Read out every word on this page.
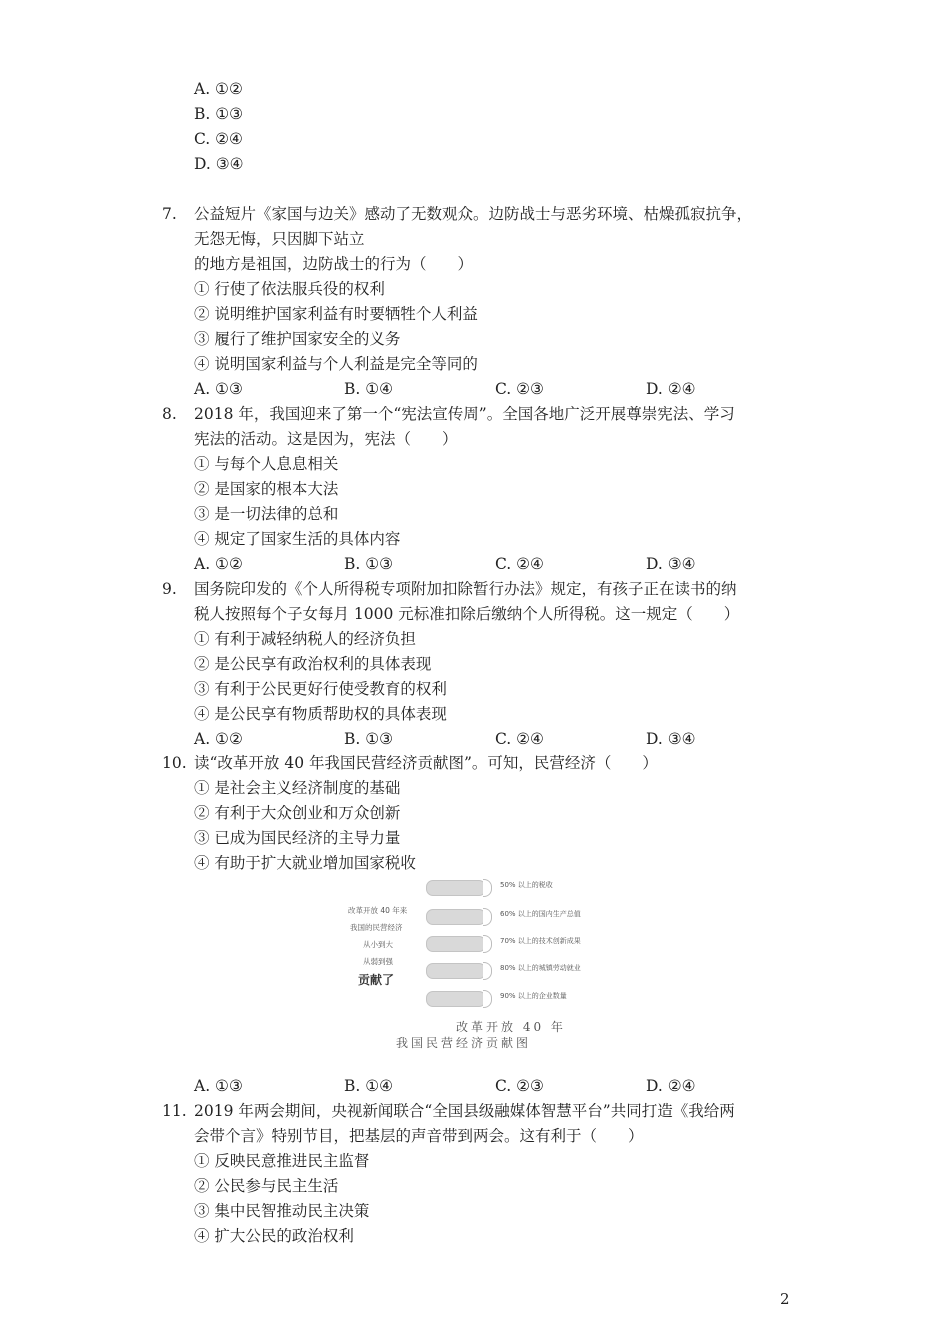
A. ①②
B. ①③
C. ②④
D. ③④
7. 公益短片《家国与边关》感动了无数观众。边防战士与恶劣环境、枯燥孤寂抗争，
无怨无悔，只因脚下站立
的地方是祖国，边防战士的行为（　　）
① 行使了依法服兵役的权利
② 说明维护国家利益有时要牺牲个人利益
③ 履行了维护国家安全的义务
④ 说明国家利益与个人利益是完全等同的
A. ①③	B. ①④	C. ②③	D. ②④
8. 2018 年，我国迎来了第一个“宪法宣传周”。全国各地广泛开展尊崇宪法、学习
宪法的活动。这是因为，宪法（　　）
① 与每个人息息相关
② 是国家的根本大法
③ 是一切法律的总和
④ 规定了国家生活的具体内容
A. ①②	B. ①③	C. ②④	D. ③④
9. 国务院印发的《个人所得税专项附加扣除暂行办法》规定，有孩子正在读书的纳
税人按照每个子女每月 1000 元标准扣除后缴纳个人所得税。这一规定（　　）
① 有利于减轻纳税人的经济负担
② 是公民享有政治权利的具体表现
③ 有利于公民更好行使受教育的权利
④ 是公民享有物质帮助权的具体表现
A. ①②	B. ①③	C. ②④	D. ③④
10. 读“改革开放 40 年我国民营经济贡献图”。可知，民营经济（　　）
① 是社会主义经济制度的基础
② 有利于大众创业和万众创新
③ 已成为国民经济的主导力量
④ 有助于扩大就业增加国家税收
改革开放 40 年来
我国的民营经济
从小到大
从弱到强
贡献了
50% 以上的税收
60% 以上的国内生产总值
70% 以上的技术创新成果
80% 以上的城镇劳动就业
90% 以上的企业数量
改革开放 40 年
我国民营经济贡献图
A. ①③	B. ①④	C. ②③	D. ②④
11. 2019 年两会期间，央视新闻联合“全国县级融媒体智慧平台”共同打造《我给两
会带个言》特别节目，把基层的声音带到两会。这有利于（　　）
① 反映民意推进民主监督
② 公民参与民主生活
③ 集中民智推动民主决策
④ 扩大公民的政治权利
2
